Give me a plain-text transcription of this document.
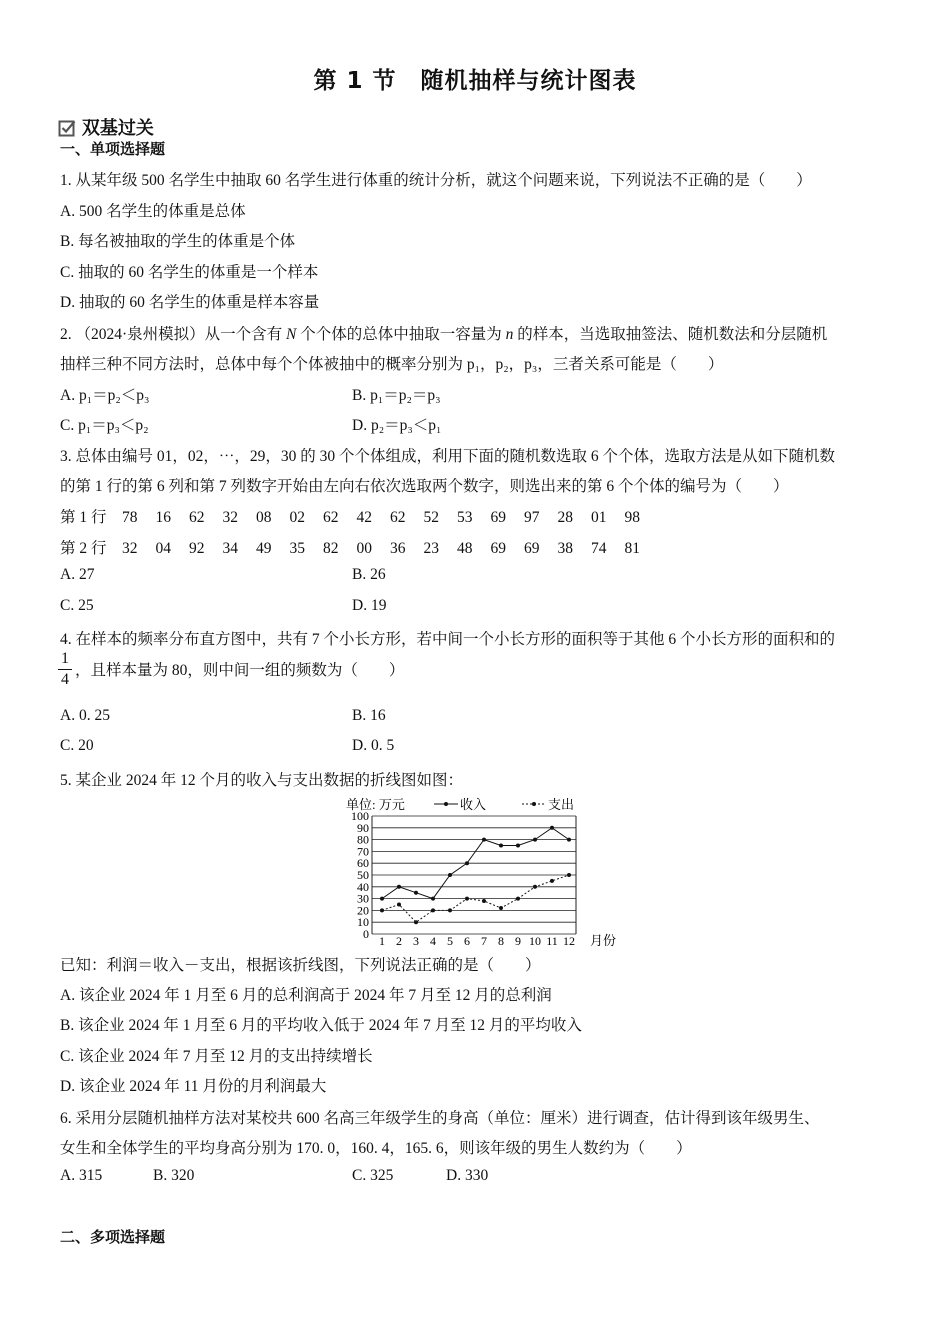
第 1 节　随机抽样与统计图表
双基过关
一、单项选择题
1. 从某年级 500 名学生中抽取 60 名学生进行体重的统计分析，就这个问题来说，下列说法不正确的是（　　）
A. 500 名学生的体重是总体
B. 每名被抽取的学生的体重是个体
C. 抽取的 60 名学生的体重是一个样本
D. 抽取的 60 名学生的体重是样本容量
2. （2024·泉州模拟）从一个含有 N 个个体的总体中抽取一容量为 n 的样本，当选取抽签法、随机数法和分层随机
抽样三种不同方法时，总体中每个个体被抽中的概率分别为 p₁，p₂，p₃，三者关系可能是（　　）
A. p₁＝p₂＜p₃	B. p₁＝p₂＝p₃
C. p₁＝p₃＜p₂	D. p₂＝p₃＜p₁
3. 总体由编号 01，02，⋯，29，30 的 30 个个体组成，利用下面的随机数选取 6 个个体，选取方法是从如下随机数
的第 1 行的第 6 列和第 7 列数字开始由左向右依次选取两个数字，则选出来的第 6 个个体的编号为（　　）
第 1 行 78 16 62 32 08 02 62 42 62 52 53 69 97 28 01 98
第 2 行 32 04 92 34 49 35 82 00 36 23 48 69 69 38 74 81
A. 27	B. 26
C. 25	D. 19
4. 在样本的频率分布直方图中，共有 7 个小长方形，若中间一个小长方形的面积等于其他 6 个小长方形的面积和的
1
4
，且样本量为 80，则中间一组的频数为（　　）
A. 0. 25	B. 16
C. 20	D. 0. 5
5. 某企业 2024 年 12 个月的收入与支出数据的折线图如图：
单位: 万元	收入	支出
0
10
20
30
40
50
60
70
80
90
100
1 2 3 4 5 6 7 8 9 10 11 12 月份
已知：利润＝收入－支出，根据该折线图，下列说法正确的是（　　）
A. 该企业 2024 年 1 月至 6 月的总利润高于 2024 年 7 月至 12 月的总利润
B. 该企业 2024 年 1 月至 6 月的平均收入低于 2024 年 7 月至 12 月的平均收入
C. 该企业 2024 年 7 月至 12 月的支出持续增长
D. 该企业 2024 年 11 月份的月利润最大
6. 采用分层随机抽样方法对某校共 600 名高三年级学生的身高（单位：厘米）进行调查，估计得到该年级男生、
女生和全体学生的平均身高分别为 170. 0，160. 4，165. 6，则该年级的男生人数约为（　　）
A. 315	B. 320	C. 325	D. 330
二、多项选择题
